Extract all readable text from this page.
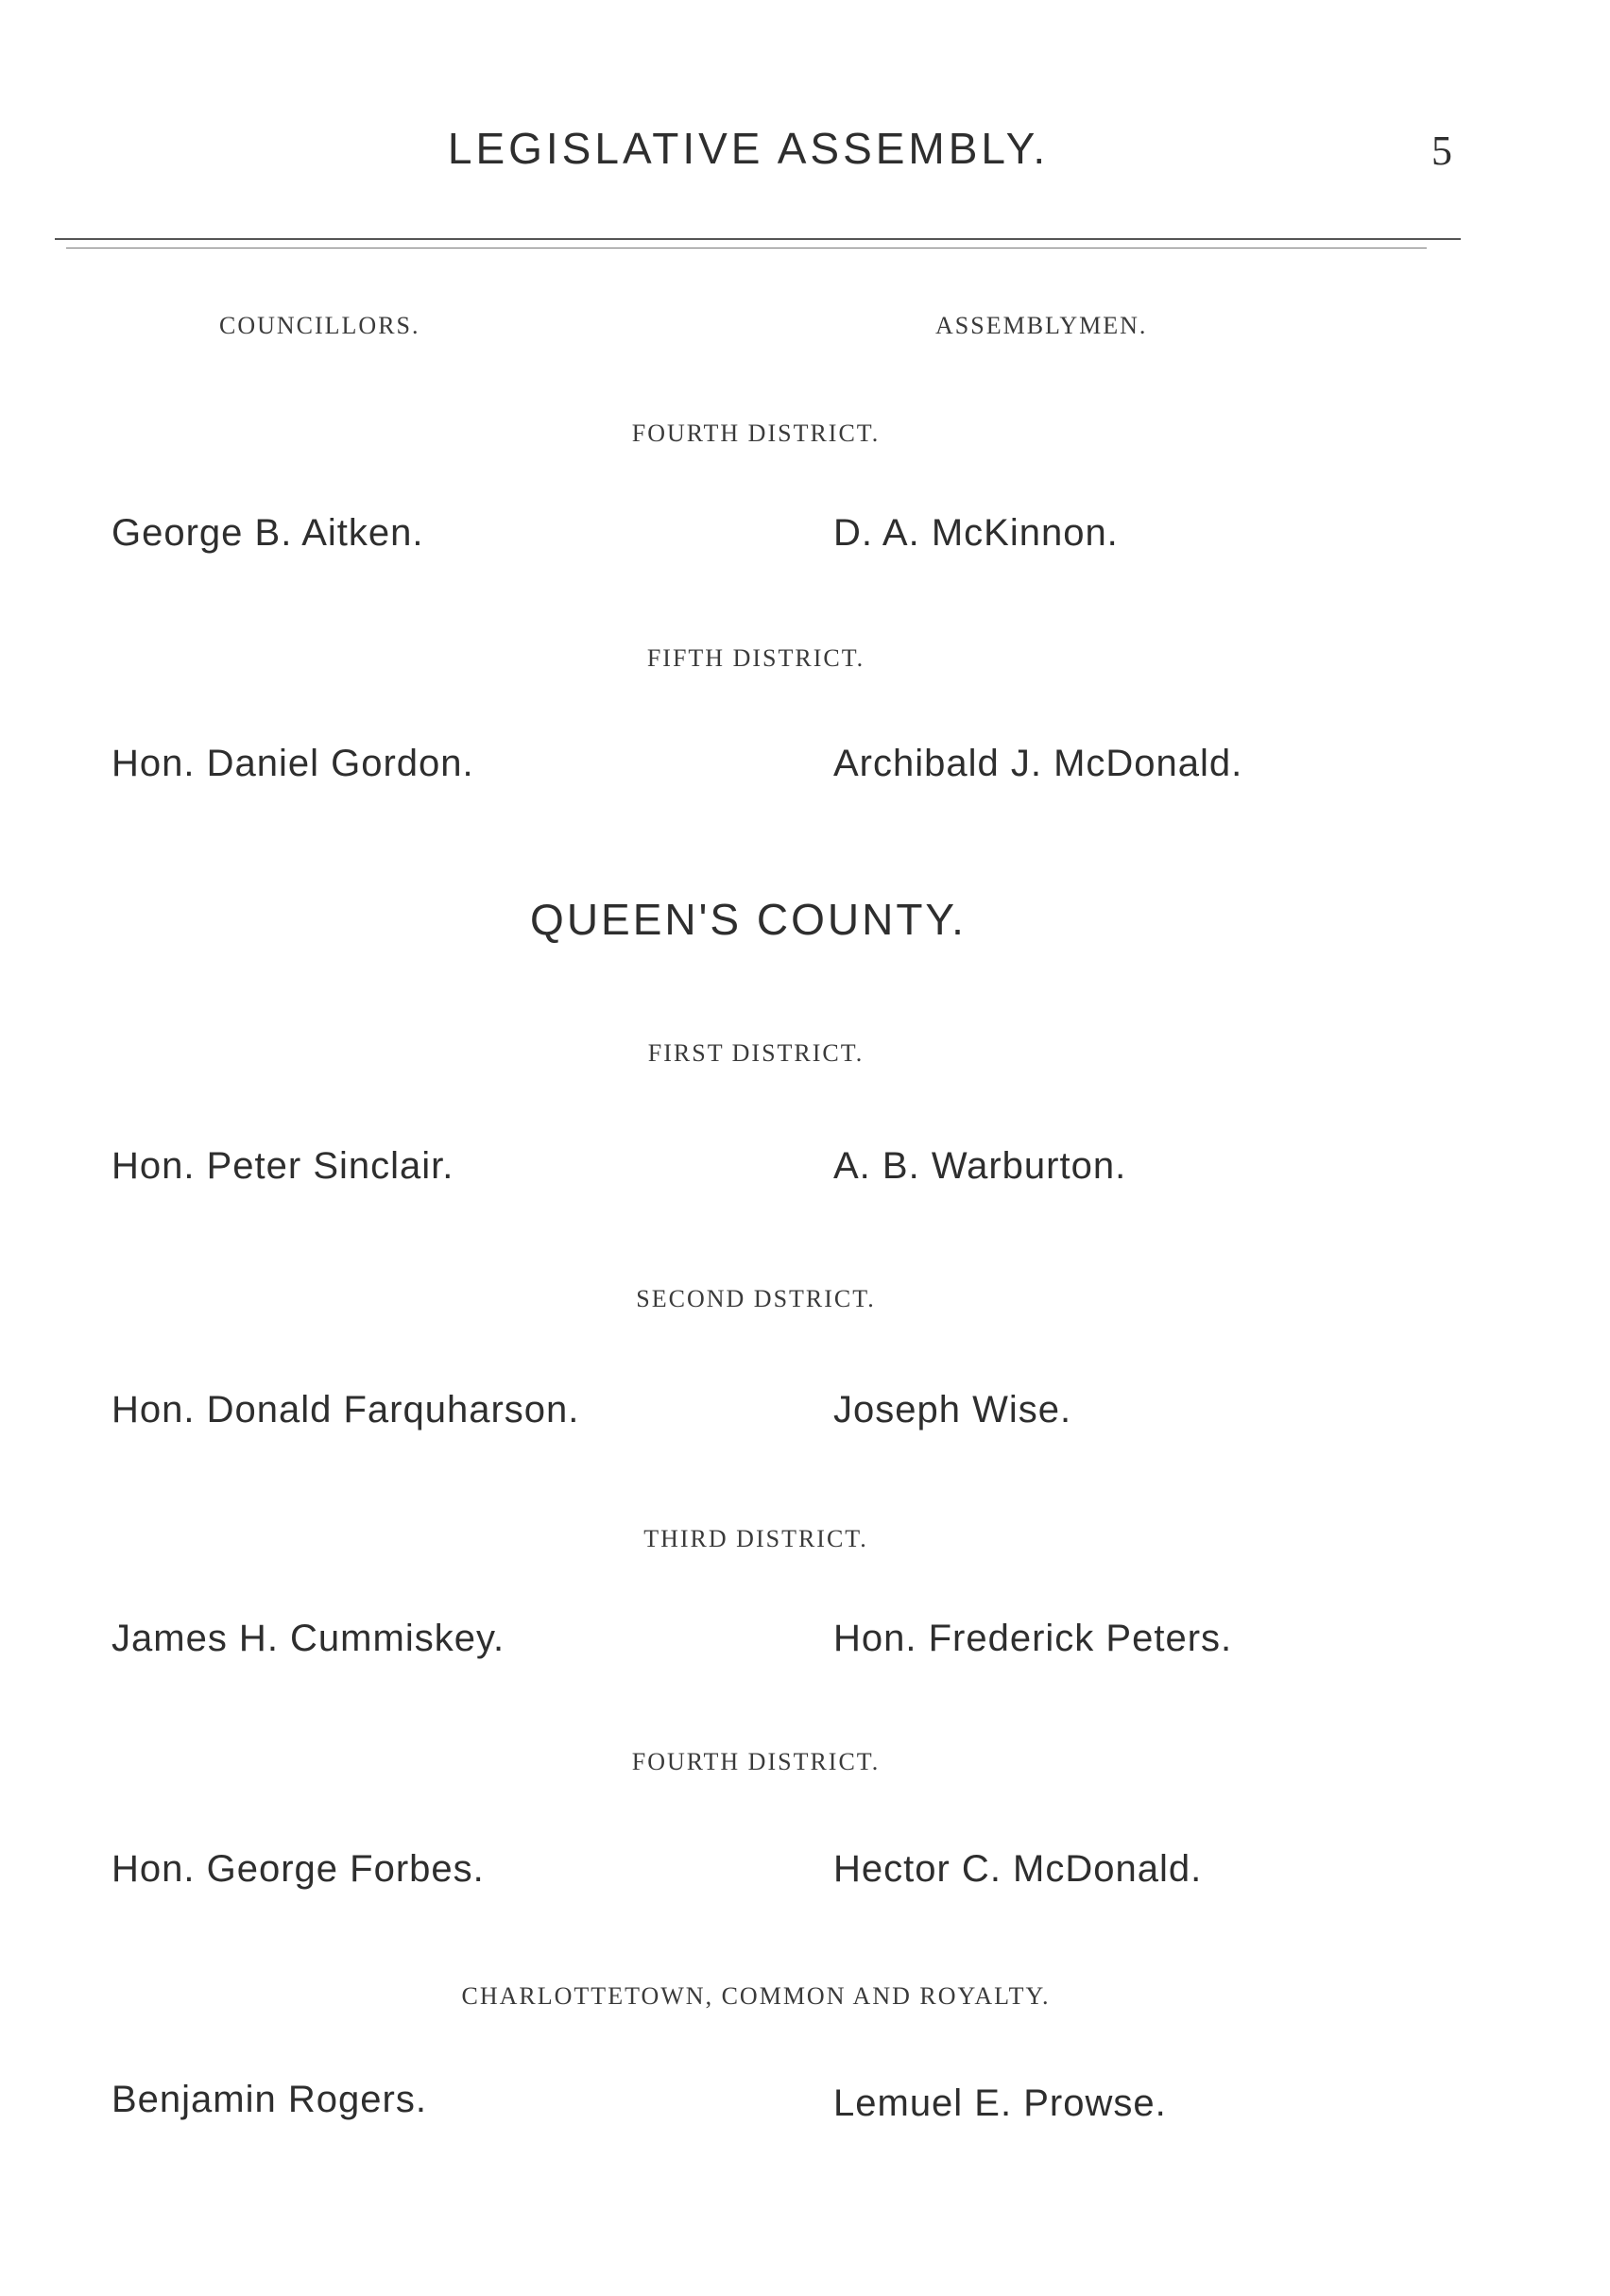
LEGISLATIVE ASSEMBLY.	5
COUNCILLORS.	ASSEMBLYMEN.
FOURTH DISTRICT.
George B. Aitken.	D. A. McKinnon.
FIFTH DISTRICT.
Hon. Daniel Gordon.	Archibald J. McDonald.
QUEEN'S COUNTY.
FIRST DISTRICT.
Hon. Peter Sinclair.	A. B. Warburton.
SECOND DSTRICT.
Hon. Donald Farquharson.	Joseph Wise.
THIRD DISTRICT.
James H. Cummiskey.	Hon. Frederick Peters.
FOURTH DISTRICT.
Hon. George Forbes.	Hector C. McDonald.
CHARLOTTETOWN, COMMON AND ROYALTY.
Benjamin Rogers.	Lemuel E. Prowse.
